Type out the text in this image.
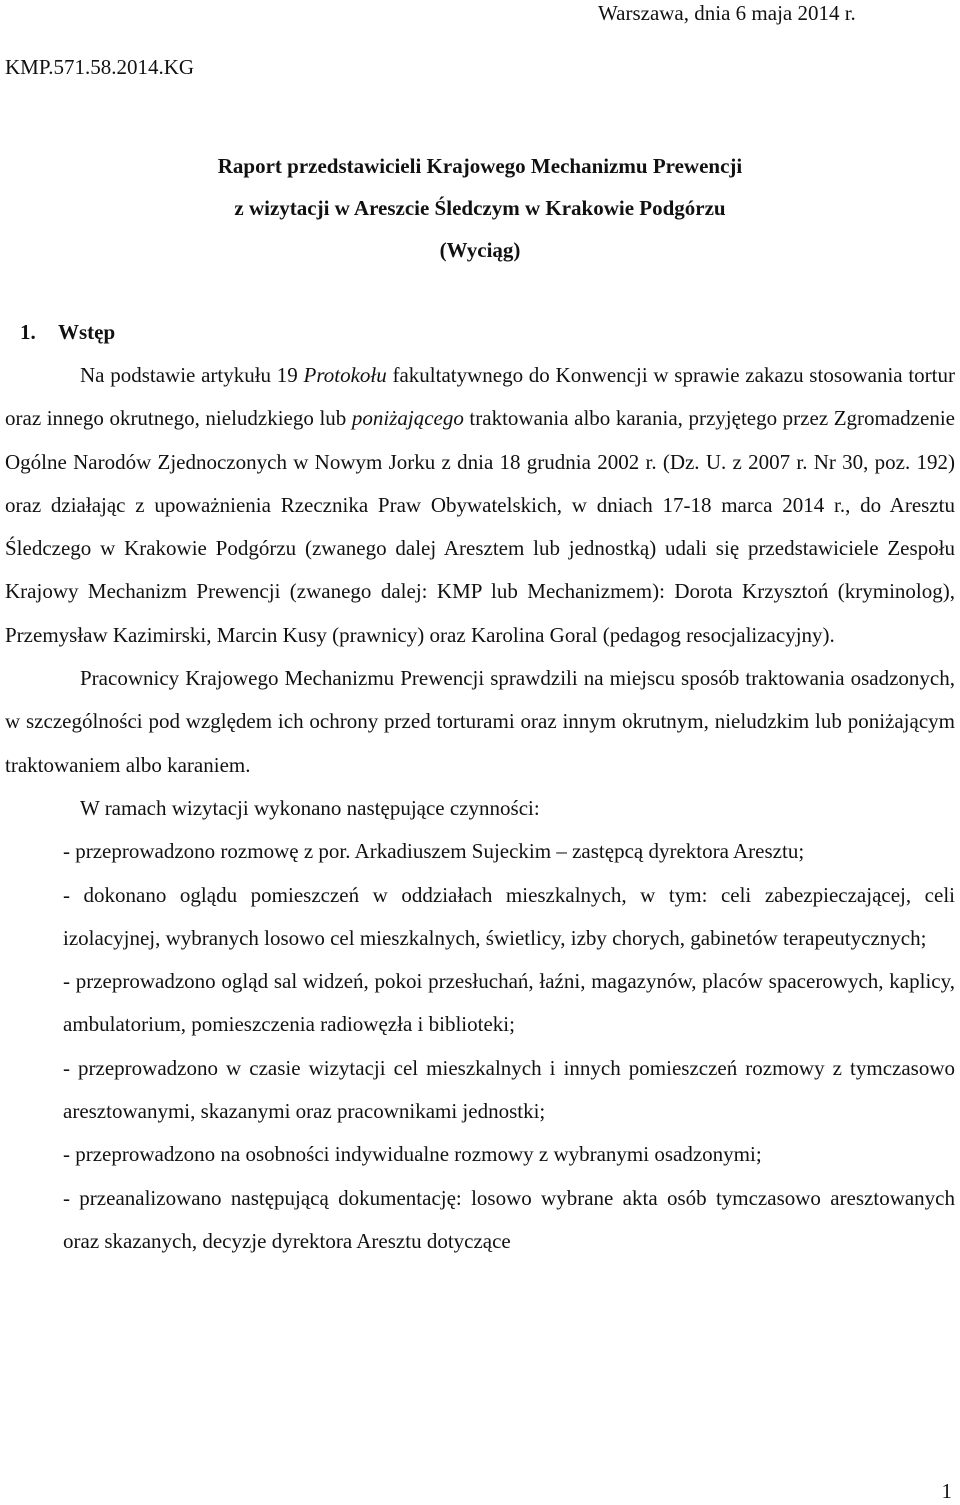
Warszawa, dnia 6 maja 2014 r.
KMP.571.58.2014.KG
Raport przedstawicieli Krajowego Mechanizmu Prewencji
z wizytacji w Areszcie Śledczym w Krakowie Podgórzu
(Wyciąg)
1. Wstęp

Na podstawie artykułu 19 Protokołu fakultatywnego do Konwencji w sprawie zakazu stosowania tortur oraz innego okrutnego, nieludzkiego lub poniżającego traktowania albo karania, przyjętego przez Zgromadzenie Ogólne Narodów Zjednoczonych w Nowym Jorku z dnia 18 grudnia 2002 r. (Dz. U. z 2007 r. Nr 30, poz. 192) oraz działając z upoważnienia Rzecznika Praw Obywatelskich, w dniach 17-18 marca 2014 r., do Aresztu Śledczego w Krakowie Podgórzu (zwanego dalej Aresztem lub jednostką) udali się przedstawiciele Zespołu Krajowy Mechanizm Prewencji (zwanego dalej: KMP lub Mechanizmem): Dorota Krzysztoń (kryminolog), Przemysław Kazimirski, Marcin Kusy (prawnicy) oraz Karolina Goral (pedagog resocjalizacyjny).

Pracownicy Krajowego Mechanizmu Prewencji sprawdzili na miejscu sposób traktowania osadzonych, w szczególności pod względem ich ochrony przed torturami oraz innym okrutnym, nieludzkim lub poniżającym traktowaniem albo karaniem.

W ramach wizytacji wykonano następujące czynności:

- przeprowadzono rozmowę z por. Arkadiuszem Sujeckim – zastępcą dyrektora Aresztu;
- dokonano oglądu pomieszczeń w oddziałach mieszkalnych, w tym: celi zabezpieczającej, celi izolacyjnej, wybranych losowo cel mieszkalnych, świetlicy, izby chorych, gabinetów terapeutycznych;
- przeprowadzono ogląd sal widzeń, pokoi przesłuchań, łaźni, magazynów, placów spacerowych, kaplicy, ambulatorium, pomieszczenia radiowęzła i biblioteki;
- przeprowadzono w czasie wizytacji cel mieszkalnych i innych pomieszczeń rozmowy z tymczasowo aresztowanymi, skazanymi oraz pracownikami jednostki;
- przeprowadzono na osobności indywidualne rozmowy z wybranymi osadzonymi;
- przeanalizowano następującą dokumentację: losowo wybrane akta osób tymczasowo aresztowanych oraz skazanych, decyzje dyrektora Aresztu dotyczące
1
